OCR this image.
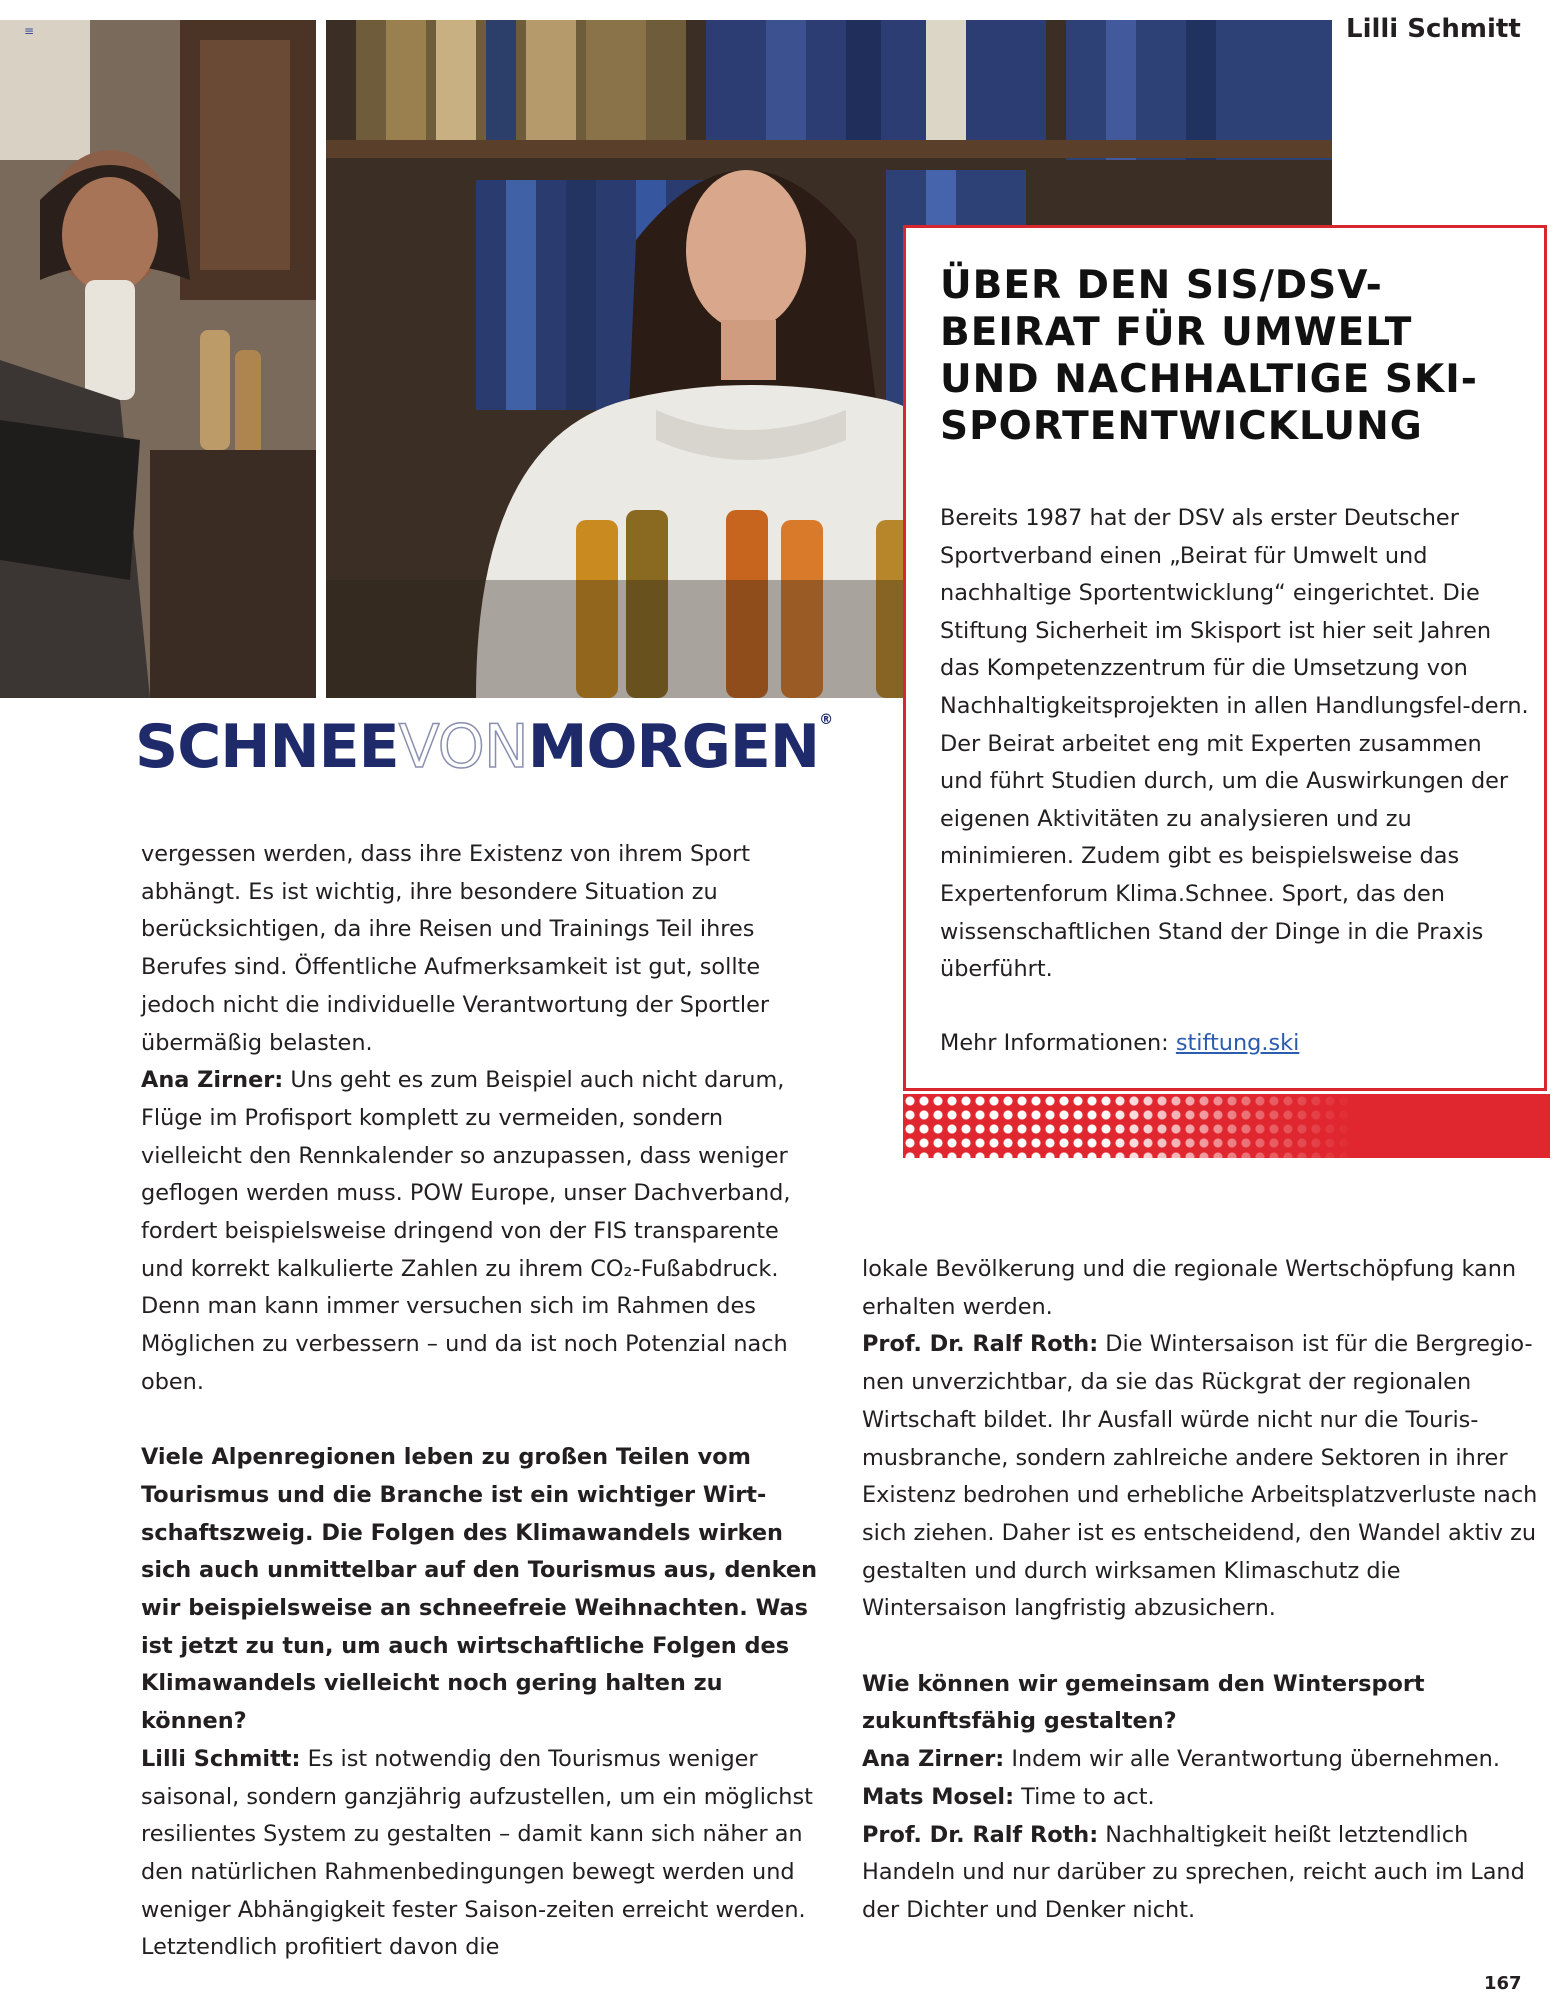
≡	Lilli Schmitt
ÜBER DEN SIS/DSV-BEIRAT FÜR UMWELT UND NACHHALTIGE SKI-SPORTENTWICKLUNG
Bereits 1987 hat der DSV als erster Deutscher Sportverband einen „Beirat für Umwelt und nachhaltige Sportentwicklung“ eingerichtet. Die Stiftung Sicherheit im Skisport ist hier seit Jahren das Kompetenzzentrum für die Umsetzung von Nachhaltigkeitsprojekten in allen Handlungsfel-dern. Der Beirat arbeitet eng mit Experten zusammen und führt Studien durch, um die Auswirkungen der eigenen Aktivitäten zu analysieren und zu minimieren. Zudem gibt es beispielsweise das Expertenforum Klima.Schnee. Sport, das den wissenschaftlichen Stand der Dinge in die Praxis überführt.
Mehr Informationen: stiftung.ski
SCHNEEVONMORGEN®

vergessen werden, dass ihre Existenz von ihrem Sport abhängt. Es ist wichtig, ihre besondere Situation zu berücksichtigen, da ihre Reisen und Trainings Teil ihres Berufes sind. Öffentliche Aufmerksamkeit ist gut, sollte jedoch nicht die individuelle Verantwortung der Sportler übermäßig belasten.

Ana Zirner: Uns geht es zum Beispiel auch nicht darum, Flüge im Profisport komplett zu vermeiden, sondern vielleicht den Rennkalender so anzupassen, dass weniger geflogen werden muss. POW Europe, unser Dachverband, fordert beispielsweise dringend von der FIS transparente und korrekt kalkulierte Zahlen zu ihrem CO₂-Fußabdruck. Denn man kann immer versuchen sich im Rahmen des Möglichen zu verbessern – und da ist noch Potenzial nach oben.

Viele Alpenregionen leben zu großen Teilen vom Tourismus und die Branche ist ein wichtiger Wirt-schaftszweig. Die Folgen des Klimawandels wirken sich auch unmittelbar auf den Tourismus aus, denken wir beispielsweise an schneefreie Weihnachten. Was ist jetzt zu tun, um auch wirtschaftliche Folgen des Klimawandels vielleicht noch gering halten zu können?

Lilli Schmitt: Es ist notwendig den Tourismus weniger saisonal, sondern ganzjährig aufzustellen, um ein möglichst resilientes System zu gestalten – damit kann sich näher an den natürlichen Rahmenbedingungen bewegt werden und weniger Abhängigkeit fester Saison-zeiten erreicht werden. Letztendlich profitiert davon die

lokale Bevölkerung und die regionale Wertschöpfung kann erhalten werden.

Prof. Dr. Ralf Roth: Die Wintersaison ist für die Bergregio-nen unverzichtbar, da sie das Rückgrat der regionalen Wirtschaft bildet. Ihr Ausfall würde nicht nur die Touris-musbranche, sondern zahlreiche andere Sektoren in ihrer Existenz bedrohen und erhebliche Arbeitsplatzverluste nach sich ziehen. Daher ist es entscheidend, den Wandel aktiv zu gestalten und durch wirksamen Klimaschutz die Wintersaison langfristig abzusichern.

Wie können wir gemeinsam den Wintersport zukunftsfähig gestalten?

Ana Zirner: Indem wir alle Verantwortung übernehmen.

Mats Mosel: Time to act.

Prof. Dr. Ralf Roth: Nachhaltigkeit heißt letztendlich Handeln und nur darüber zu sprechen, reicht auch im Land der Dichter und Denker nicht.

167
